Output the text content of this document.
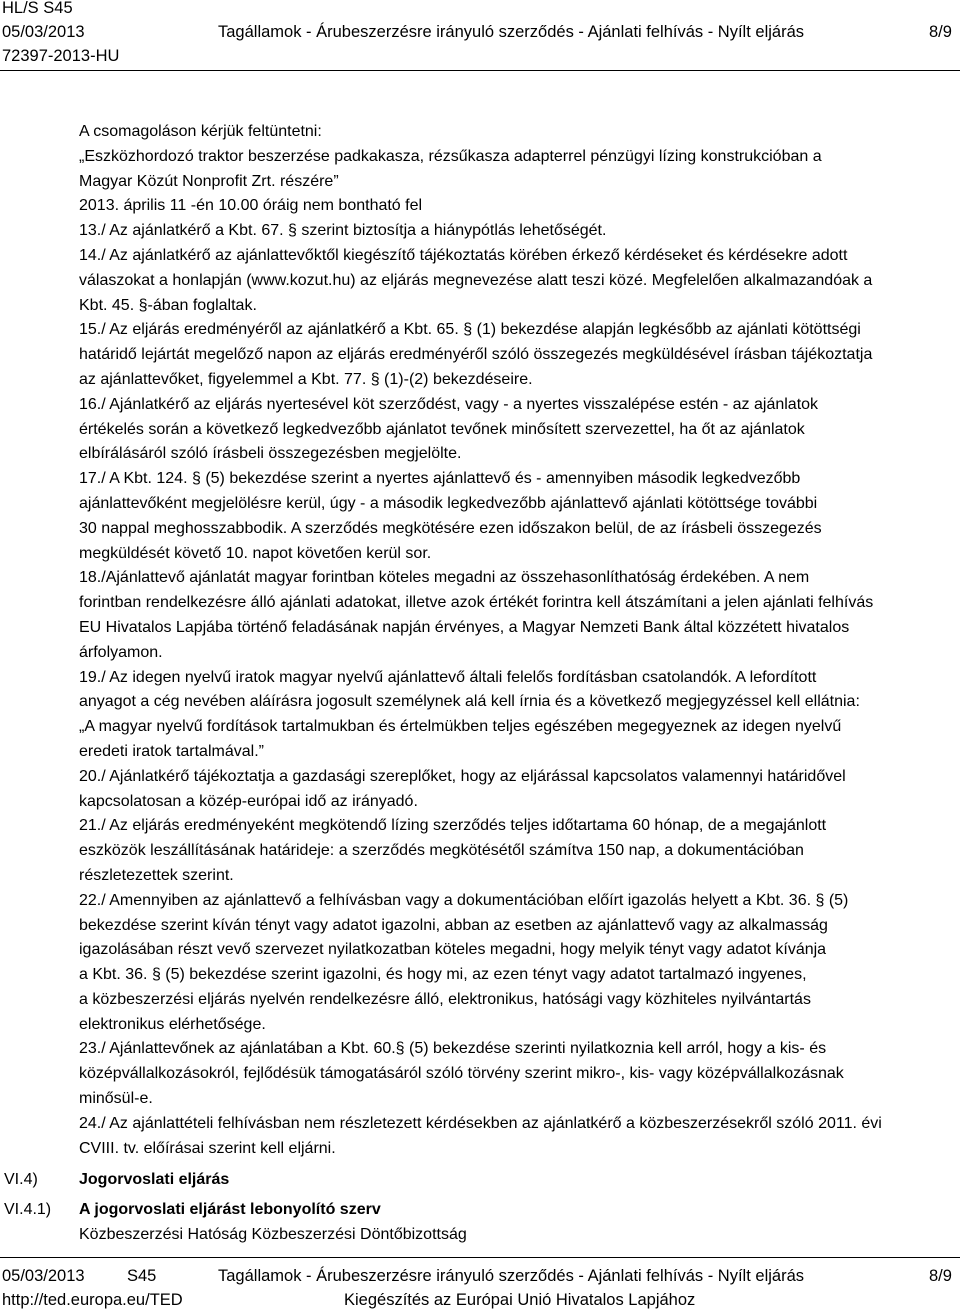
HL/S S45
05/03/2013
72397-2013-HU
Tagállamok - Árubeszerzésre irányuló szerződés - Ajánlati felhívás - Nyílt eljárás	8/9
A csomagoláson kérjük feltüntetni:
„Eszközhordozó traktor beszerzése padkakasza, rézsűkasza adapterrel pénzügyi lízing konstrukcióban a
Magyar Közút Nonprofit Zrt. részére”
2013. április 11 -én 10.00 óráig nem bontható fel
13./ Az ajánlatkérő a Kbt. 67. § szerint biztosítja a hiánypótlás lehetőségét.
14./ Az ajánlatkérő az ajánlattevőktől kiegészítő tájékoztatás körében érkező kérdéseket és kérdésekre adott
válaszokat a honlapján (www.kozut.hu) az eljárás megnevezése alatt teszi közé. Megfelelően alkalmazandóak a
Kbt. 45. §-ában foglaltak.
15./ Az eljárás eredményéről az ajánlatkérő a Kbt. 65. § (1) bekezdése alapján legkésőbb az ajánlati kötöttségi
határidő lejártát megelőző napon az eljárás eredményéről szóló összegezés megküldésével írásban tájékoztatja
az ajánlattevőket, figyelemmel a Kbt. 77. § (1)-(2) bekezdéseire.
16./ Ajánlatkérő az eljárás nyertesével köt szerződést, vagy - a nyertes visszalépése estén - az ajánlatok
értékelés során a következő legkedvezőbb ajánlatot tevőnek minősített szervezettel, ha őt az ajánlatok
elbírálásáról szóló írásbeli összegezésben megjelölte.
17./ A Kbt. 124. § (5) bekezdése szerint a nyertes ajánlattevő és - amennyiben második legkedvezőbb
ajánlattevőként megjelölésre kerül, úgy - a második legkedvezőbb ajánlattevő ajánlati kötöttsége további
30 nappal meghosszabbodik. A szerződés megkötésére ezen időszakon belül, de az írásbeli összegezés
megküldését követő 10. napot követően kerül sor.
18./Ajánlattevő ajánlatát magyar forintban köteles megadni az összehasonlíthatóság érdekében. A nem
forintban rendelkezésre álló ajánlati adatokat, illetve azok értékét forintra kell átszámítani a jelen ajánlati felhívás
EU Hivatalos Lapjába történő feladásának napján érvényes, a Magyar Nemzeti Bank által közzétett hivatalos
árfolyamon.
19./ Az idegen nyelvű iratok magyar nyelvű ajánlattevő általi felelős fordításban csatolandók. A lefordított
anyagot a cég nevében aláírásra jogosult személynek alá kell írnia és a következő megjegyzéssel kell ellátnia:
„A magyar nyelvű fordítások tartalmukban és értelmükben teljes egészében megegyeznek az idegen nyelvű
eredeti iratok tartalmával.”
20./ Ajánlatkérő tájékoztatja a gazdasági szereplőket, hogy az eljárással kapcsolatos valamennyi határidővel
kapcsolatosan a közép-európai idő az irányadó.
21./ Az eljárás eredményeként megkötendő lízing szerződés teljes időtartama 60 hónap, de a megajánlott
eszközök leszállításának határideje: a szerződés megkötésétől számítva 150 nap, a dokumentációban
részletezettek szerint.
22./ Amennyiben az ajánlattevő a felhívásban vagy a dokumentációban előírt igazolás helyett a Kbt. 36. § (5)
bekezdése szerint kíván tényt vagy adatot igazolni, abban az esetben az ajánlattevő vagy az alkalmasság
igazolásában részt vevő szervezet nyilatkozatban köteles megadni, hogy melyik tényt vagy adatot kívánja
a Kbt. 36. § (5) bekezdése szerint igazolni, és hogy mi, az ezen tényt vagy adatot tartalmazó ingyenes,
a közbeszerzési eljárás nyelvén rendelkezésre álló, elektronikus, hatósági vagy közhiteles nyilvántartás
elektronikus elérhetősége.
23./ Ajánlattevőnek az ajánlatában a Kbt. 60.§ (5) bekezdése szerinti nyilatkoznia kell arról, hogy a kis- és
középvállalkozásokról, fejlődésük támogatásáról szóló törvény szerint mikro-, kis- vagy középvállalkozásnak
minősül-e.
24./ Az ajánlattételi felhívásban nem részletezett kérdésekben az ajánlatkérő a közbeszerzésekről szóló 2011. évi
CVIII. tv. előírásai szerint kell eljárni.
VI.4)	Jogorvoslati eljárás
VI.4.1) A jogorvoslati eljárást lebonyolító szerv
Közbeszerzési Hatóság Közbeszerzési Döntőbizottság
05/03/2013	S45	Tagállamok - Árubeszerzésre irányuló szerződés - Ajánlati felhívás - Nyílt eljárás	8/9
http://ted.europa.eu/TED	Kiegészítés az Európai Unió Hivatalos Lapjához
